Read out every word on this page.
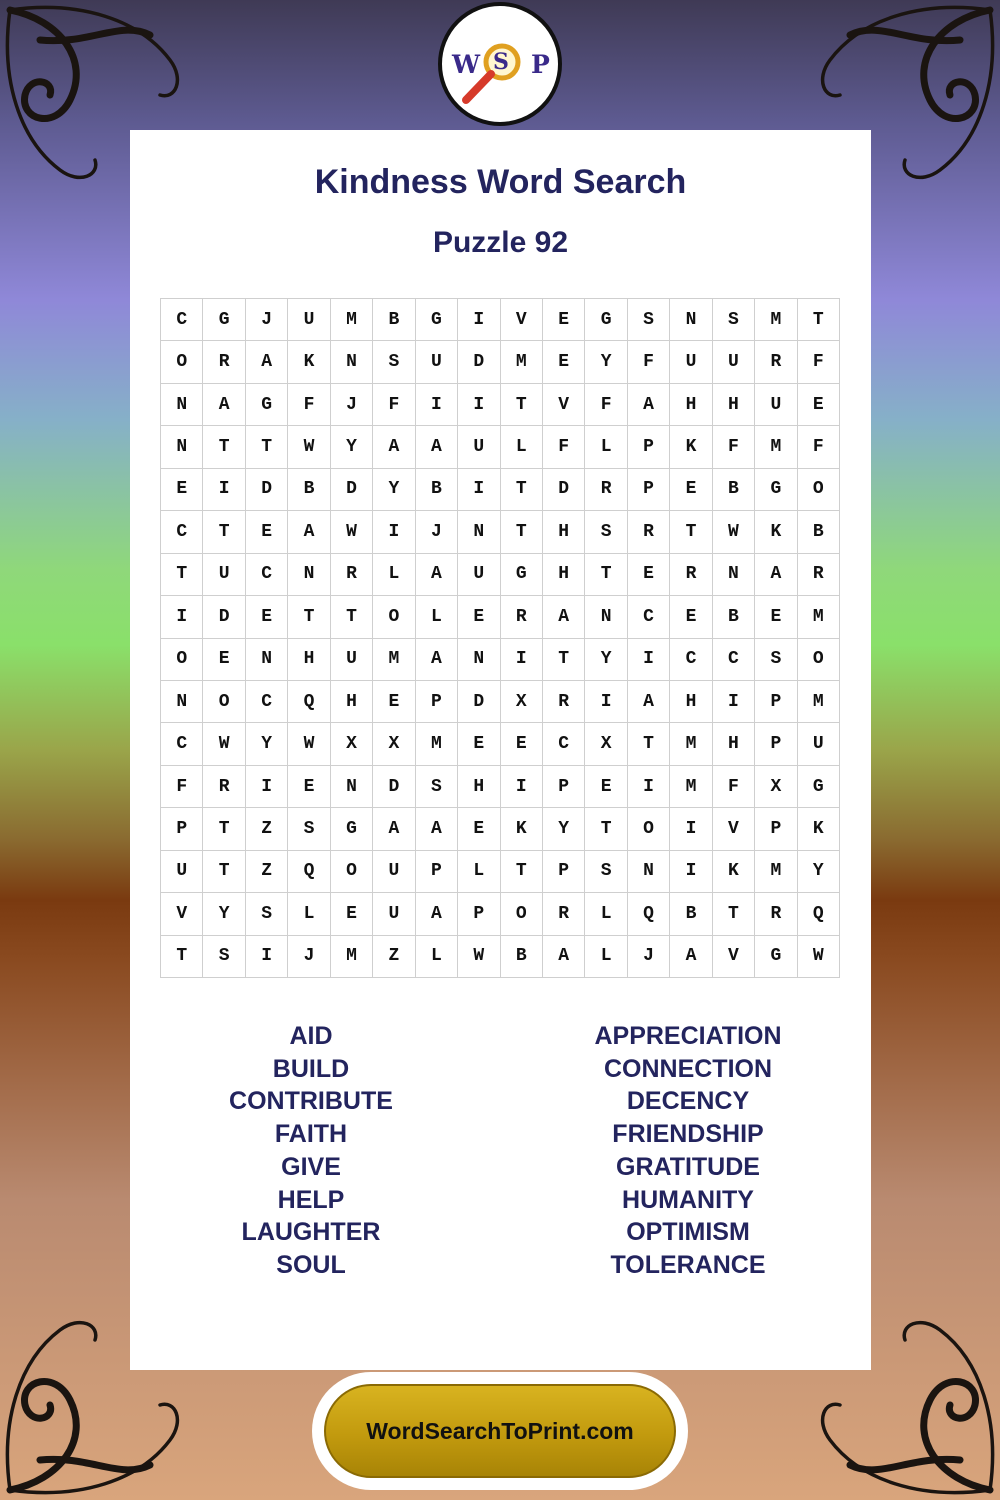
W S P
Kindness Word Search
Puzzle 92
C	G	J	U	M	B	G	I	V	E	G	S	N	S	M	T
O	R	A	K	N	S	U	D	M	E	Y	F	U	U	R	F
N	A	G	F	J	F	I	I	T	V	F	A	H	H	U	E
N	T	T	W	Y	A	A	U	L	F	L	P	K	F	M	F
E	I	D	B	D	Y	B	I	T	D	R	P	E	B	G	O
C	T	E	A	W	I	J	N	T	H	S	R	T	W	K	B
T	U	C	N	R	L	A	U	G	H	T	E	R	N	A	R
I	D	E	T	T	O	L	E	R	A	N	C	E	B	E	M
O	E	N	H	U	M	A	N	I	T	Y	I	C	C	S	O
N	O	C	Q	H	E	P	D	X	R	I	A	H	I	P	M
C	W	Y	W	X	X	M	E	E	C	X	T	M	H	P	U
F	R	I	E	N	D	S	H	I	P	E	I	M	F	X	G
P	T	Z	S	G	A	A	E	K	Y	T	O	I	V	P	K
U	T	Z	Q	O	U	P	L	T	P	S	N	I	K	M	Y
V	Y	S	L	E	U	A	P	O	R	L	Q	B	T	R	Q
T	S	I	J	M	Z	L	W	B	A	L	J	A	V	G	W
AID
BUILD
CONTRIBUTE
FAITH
GIVE
HELP
LAUGHTER
SOUL
APPRECIATION
CONNECTION
DECENCY
FRIENDSHIP
GRATITUDE
HUMANITY
OPTIMISM
TOLERANCE
WordSearchToPrint.com
